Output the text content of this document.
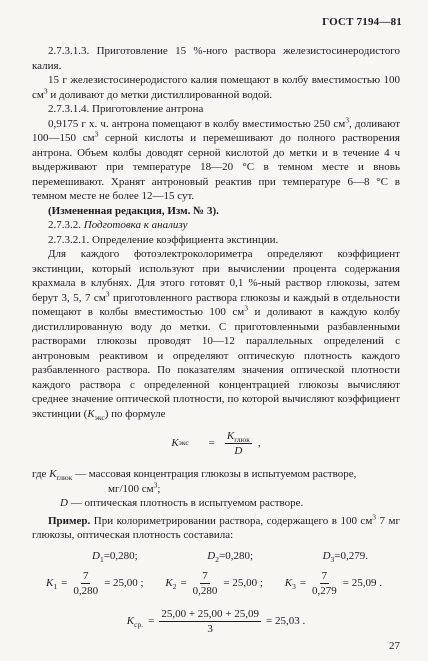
ГОСТ 7194—81

2.7.3.1.3. Приготовление 15 %-ного раствора железистосинеродистого калия.

15 г железистосинеродистого калия помещают в колбу вместимостью 100 $см^3$ и доливают до метки дистиллированной водой.

2.7.3.1.4. Приготовление антрона

0,9175 г х. ч. антрона помещают в колбу вместимостью 250 $см^3$, доливают 100—150 $см^3$ серной кислоты и перемешивают до полного растворения антрона. Объем колбы доводят серной кислотой до метки и в течение 4 ч выдерживают при температуре 18—20 °С в темном месте и вновь перемешивают. Хранят антроновый реактив при температуре 6—8 °С в темном месте не более 12—15 сут.

(Измененная редакция, Изм. № 3).

2.7.3.2. Подготовка к анализу

2.7.3.2.1. Определение коэффициента экстинции.

Для каждого фотоэлектроколориметра определяют коэффициент экстинции, который используют при вычислении процента содержания крахмала в клубнях. Для этого готовят 0,1 %-ный раствор глюкозы, затем берут 3, 5, 7 $см^3$ приготовленного раствора глюкозы и каждый в отдельности помещают в колбы вместимостью 100 $см^3$ и доливают в каждую колбу дистиллированную воду до метки. С приготовленными разбавленными растворами глюкозы проводят 10—12 параллельных определений с антроновым реактивом и определяют оптическую плотность каждого разбавленного раствора. По показателям значения оптической плотности каждого раствора с определенной концентрацией глюкозы вычисляют среднее значение оптической плотности, по которой вычисляют коэффициент экстинции $(K_{экс})$ по формуле

K экс = $\frac{K_{глюк}}{D}$ ,

где $K_{глюк}$ — массовая концентрация глюкозы в испытуемом растворе,

мг/100 $см^3$;

D — оптическая плотность в испытуемом растворе.

Пример. При колориметрировании раствора, содержащего в 100 $см^3$ 7 мг глюкозы, оптическая плотность составила:

$D_1=0,280$;	$D_2=0,280$;	$D_3=0,279$.
$K_1 = \frac{7}{0,280} = 25,00$ ; $K_2 = \frac{7}{0,280} = 25,00$ ; $K_3 = \frac{7}{0,279} = 25,09$ .
$K_{ср.} = \frac{25,00 + 25,00 + 25,09}{3} = 25,03$ .
27
